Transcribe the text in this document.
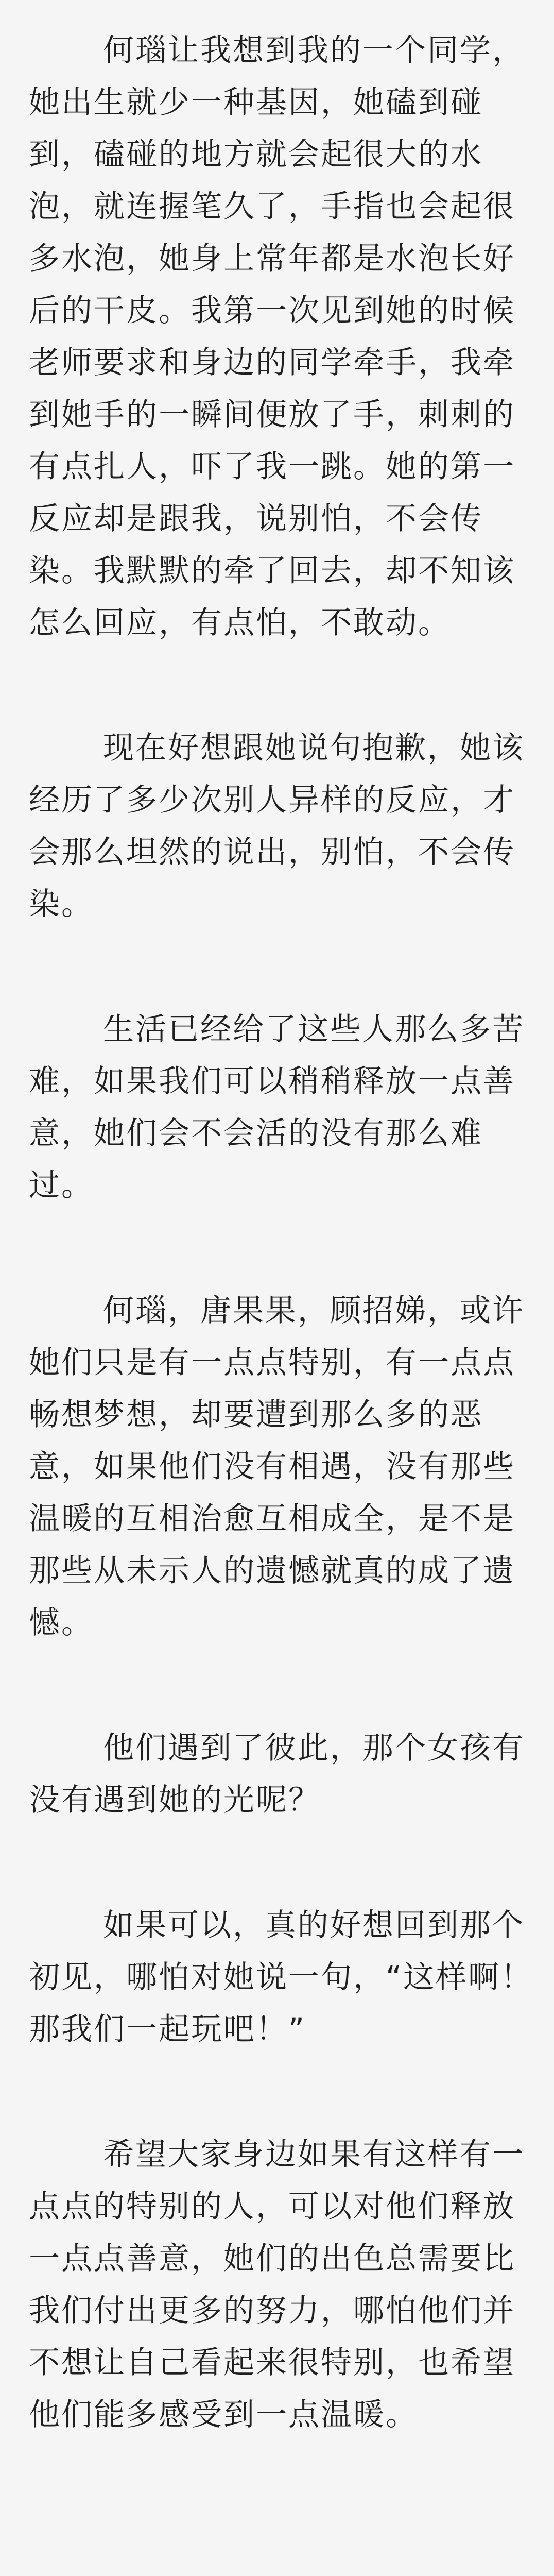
何瑙让我想到我的一个同学，她出生就少一种基因，她磕到碰到，磕碰的地方就会起很大的水泡，就连握笔久了，手指也会起很多水泡，她身上常年都是水泡长好后的干皮。我第一次见到她的时候老师要求和身边的同学牵手，我牵到她手的一瞬间便放了手，刺刺的有点扎人，吓了我一跳。她的第一反应却是跟我，说别怕，不会传染。我默默的牵了回去，却不知该怎么回应，有点怕，不敢动。

现在好想跟她说句抱歉，她该经历了多少次别人异样的反应，才会那么坦然的说出，别怕，不会传染。

生活已经给了这些人那么多苦难，如果我们可以稍稍释放一点善意，她们会不会活的没有那么难过。

何瑙，唐果果，顾招娣，或许她们只是有一点点特别，有一点点畅想梦想，却要遭到那么多的恶意，如果他们没有相遇，没有那些温暖的互相治愈互相成全，是不是那些从未示人的遗憾就真的成了遗憾。

他们遇到了彼此，那个女孩有没有遇到她的光呢？

如果可以，真的好想回到那个初见，哪怕对她说一句，“这样啊！那我们一起玩吧！”

希望大家身边如果有这样有一点点的特别的人，可以对他们释放一点点善意，她们的出色总需要比我们付出更多的努力，哪怕他们并不想让自己看起来很特别，也希望他们能多感受到一点温暖。
